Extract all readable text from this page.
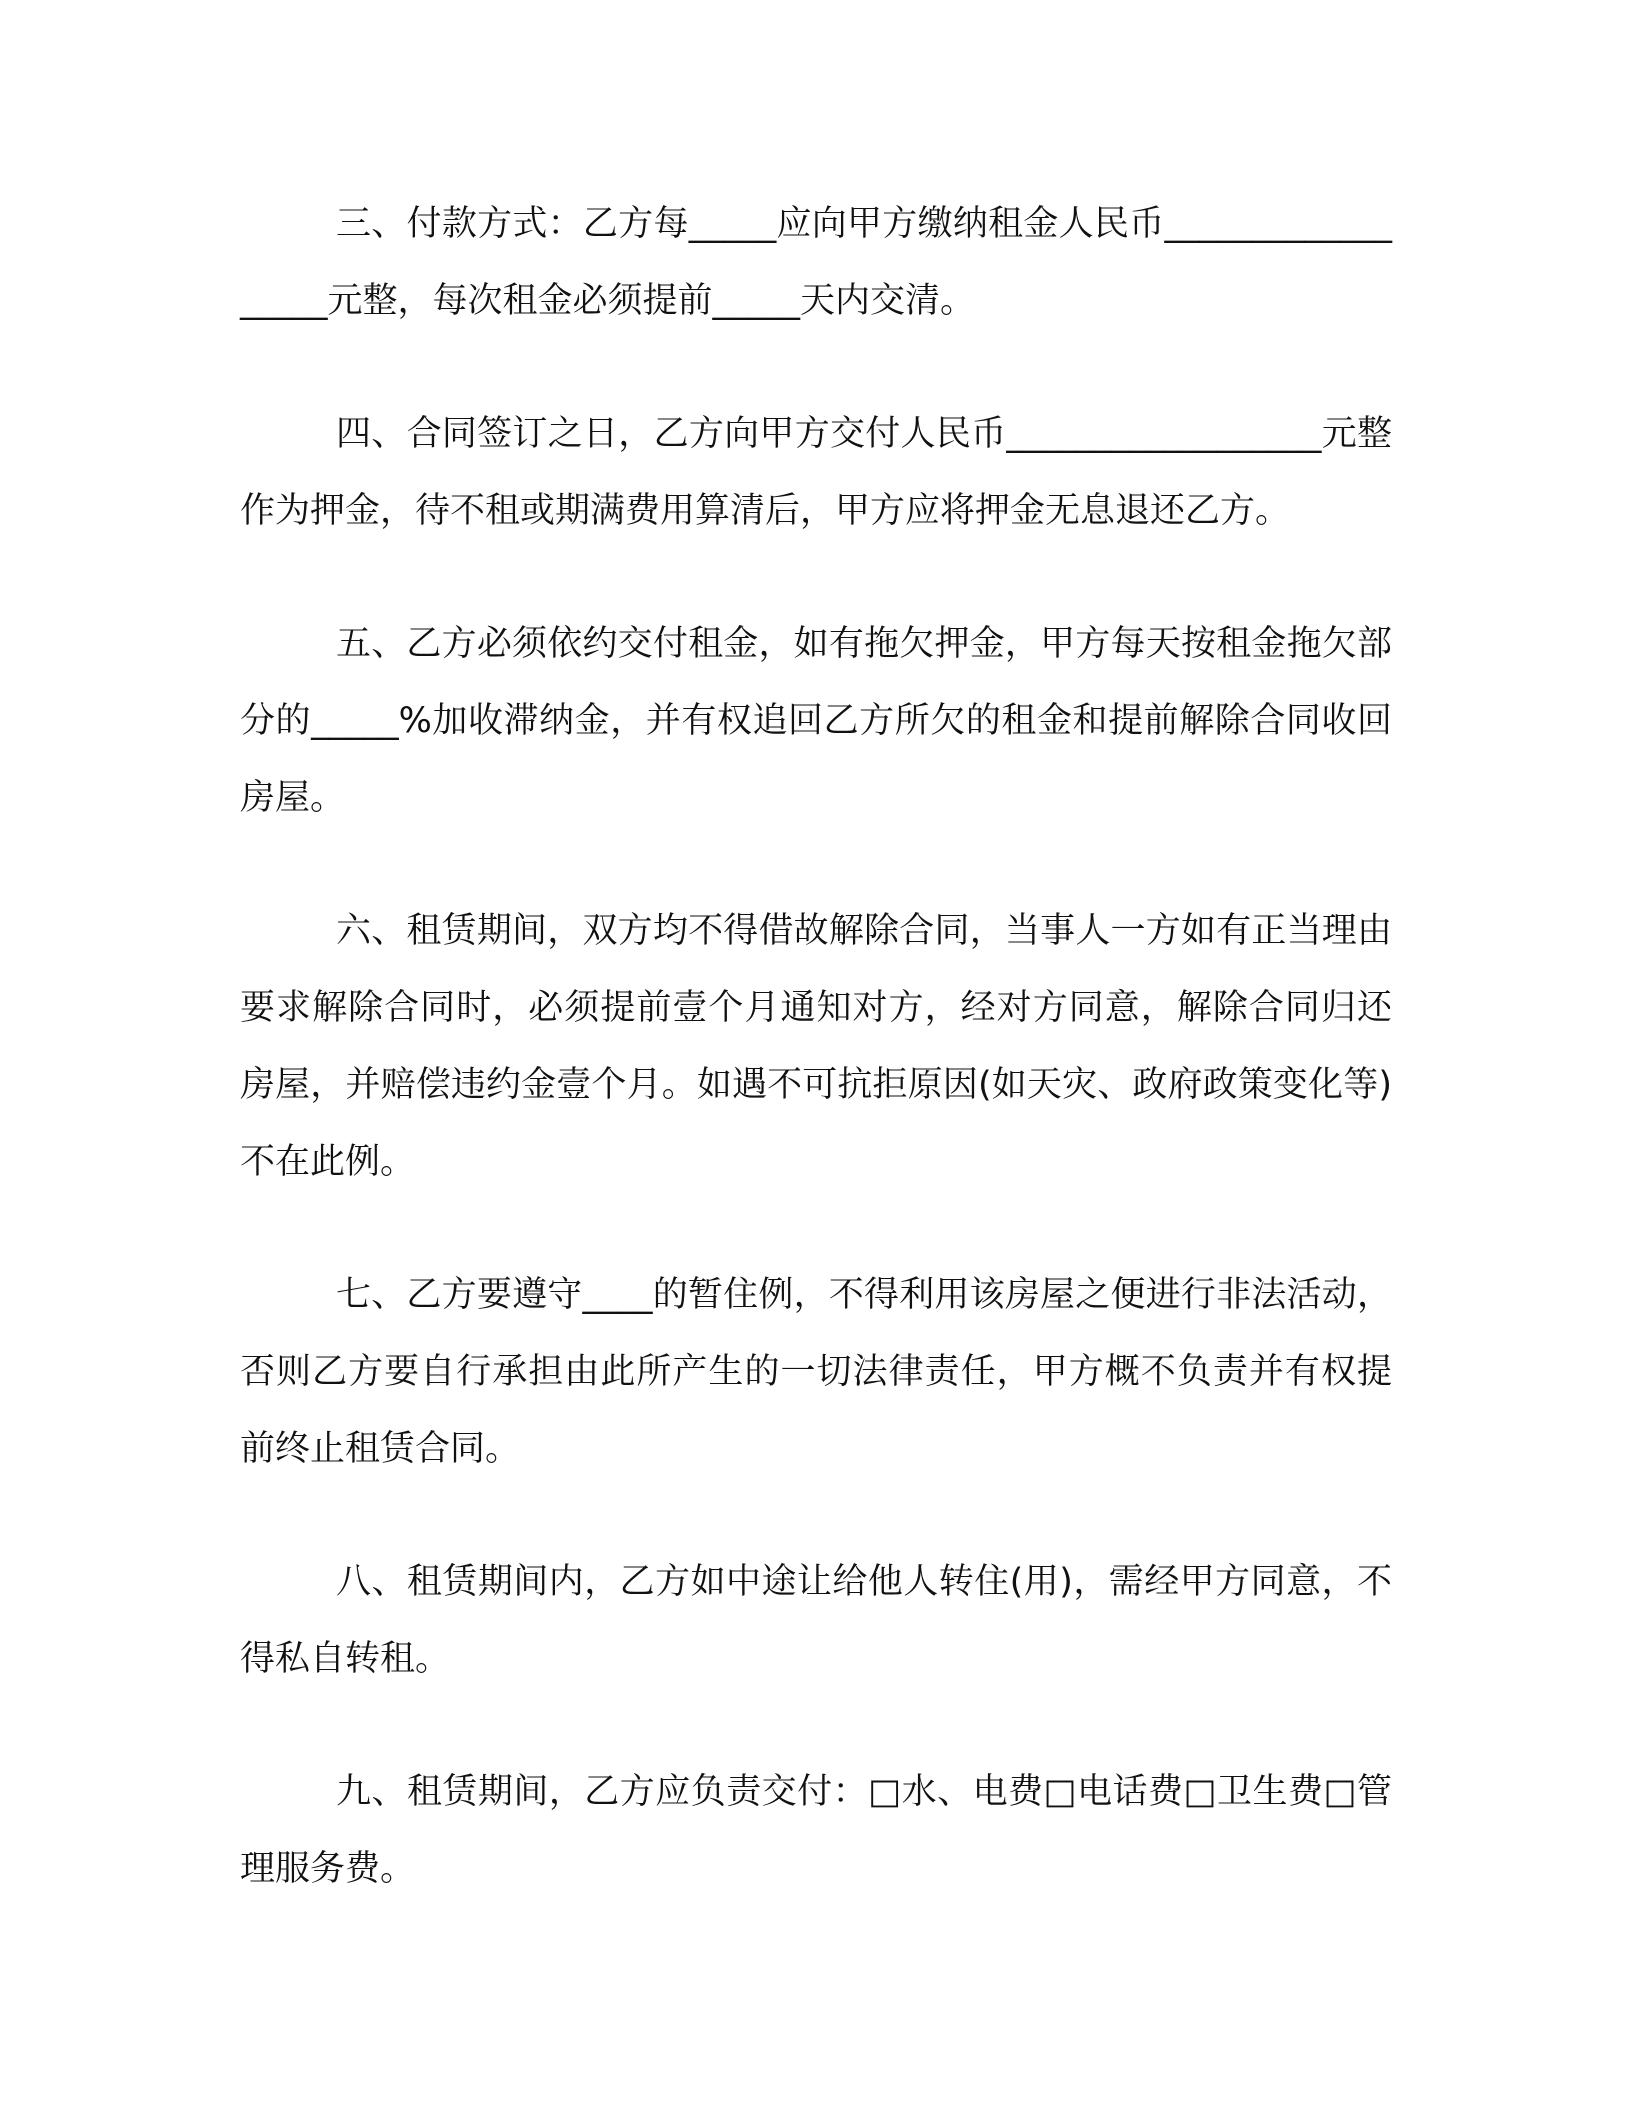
三、付款方式：乙方每_____应向甲方缴纳租金人民币__________________元整，每次租金必须提前_____天内交清。

四、合同签订之日，乙方向甲方交付人民币__________________元整作为押金，待不租或期满费用算清后，甲方应将押金无息退还乙方。

五、乙方必须依约交付租金，如有拖欠押金，甲方每天按租金拖欠部分的_____%加收滞纳金，并有权追回乙方所欠的租金和提前解除合同收回房屋。

六、租赁期间，双方均不得借故解除合同，当事人一方如有正当理由要求解除合同时，必须提前壹个月通知对方，经对方同意，解除合同归还房屋，并赔偿违约金壹个月。如遇不可抗拒原因(如天灾、政府政策变化等)不在此例。

七、乙方要遵守____的暂住例，不得利用该房屋之便进行非法活动，否则乙方要自行承担由此所产生的一切法律责任，甲方概不负责并有权提前终止租赁合同。

八、租赁期间内，乙方如中途让给他人转住(用)，需经甲方同意，不得私自转租。

九、租赁期间，乙方应负责交付：□水、电费□电话费□卫生费□管理服务费。
